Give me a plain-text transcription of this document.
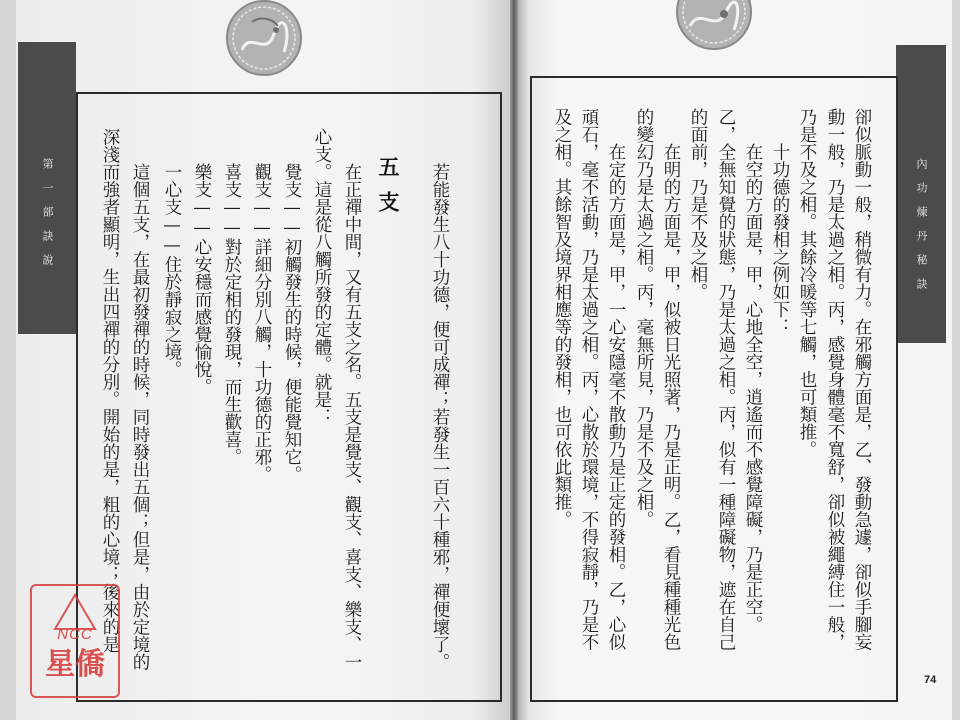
第一部訣說	內功煉丹秘訣
若能發生八十功德，便可成禪；若發生一百六十種邪，禪便壞了。
五支
在正禪中間，又有五支之名。五支是覺支、觀支、喜支、樂支、一
心支。這是從八觸所發的定體。就是：
覺支——初觸發生的時候，便能覺知它。
觀支——詳細分別八觸，十功德的正邪。
喜支——對於定相的發現，而生歡喜。
樂支——心安穩而感覺愉悅。
一心支——住於靜寂之境。
這個五支，在最初發禪的時候，同時發出五個；但是，由於定境的
深淺而強者顯明，生出四禪的分別。開始的是，粗的心境；後來的是	卻似脈動一般，稍微有力。在邪觸方面是，乙、發動急遽，卻似手腳妄
動一般，乃是太過之相。丙，感覺身體毫不寬舒，卻似被繩縛住一般，
乃是不及之相。其餘冷暖等七觸，也可類推。
十功德的發相之例如下：
在空的方面是，甲，心地全空，逍遙而不感覺障礙，乃是正空。
乙，全無知覺的狀態，乃是太過之相。丙，似有一種障礙物，遮在自己
的面前，乃是不及之相。
在明的方面是，甲，似被日光照著，乃是正明。乙，看見種種光色
的變幻乃是太過之相。丙，毫無所見，乃是不及之相。
在定的方面是，甲，一心安隱毫不散動乃是正定的發相。乙，心似
頑石，毫不活動，乃是太過之相。丙，心散於環境，不得寂靜，乃是不
及之相。其餘智及境界相應等的發相，也可依此類推。
74
NCC
星僑
